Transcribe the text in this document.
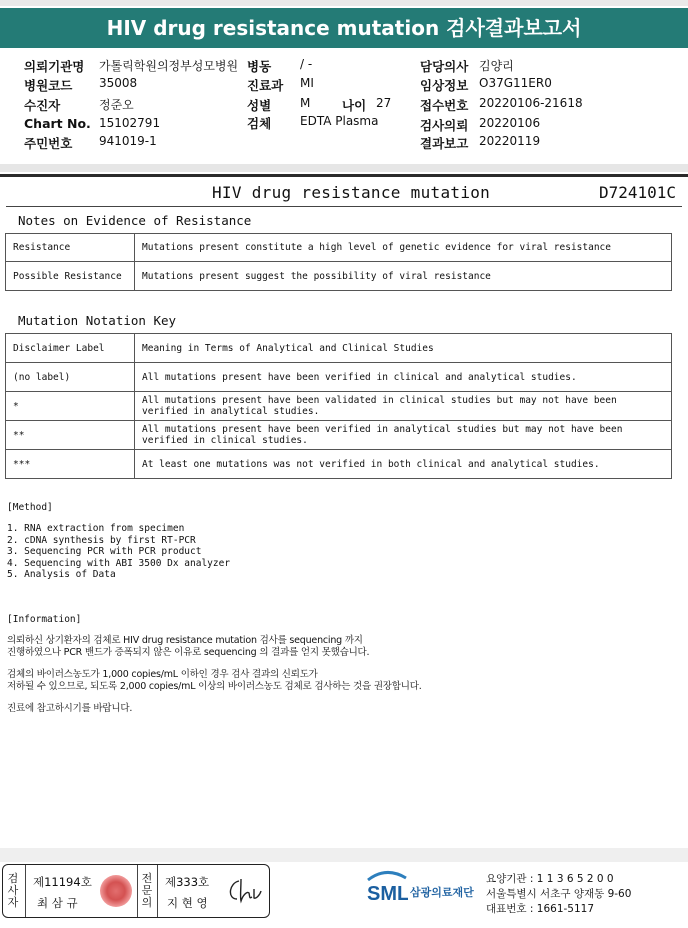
HIV drug resistance mutation 검사결과보고서
의뢰기관명 가톨릭학원의정부성모병원 병동 / -	담당의사 김양리
병원코드 35008	진료과 MI	임상정보 O37G11ER0
수진자	정준오	성별 M	나이 27 접수번호 20220106-21618
Chart No. 15102791	검체 EDTA Plasma	검사의뢰 20220106
주민번호 941019-1	결과보고 20220119
HIV drug resistance mutation	D724101C
Notes on Evidence of Resistance
Resistance	Mutations present constitute a high level of genetic evidence for viral resistance
Possible Resistance	Mutations present suggest the possibility of viral resistance
Mutation Notation Key
Disclaimer Label	Meaning in Terms of Analytical and Clinical Studies
(no label)	All mutations present have been verified in clinical and analytical studies.
*	All mutations present have been validated in clinical studies but may not have been verified in analytical studies.
**	All mutations present have been verified in analytical studies but may not have been verified in clinical studies.
***	At least one mutations was not verified in both clinical and analytical studies.
[Method]
1. RNA extraction from specimen
2. cDNA synthesis by first RT-PCR
3. Sequencing PCR with PCR product
4. Sequencing with ABI 3500 Dx analyzer
5. Analysis of Data
[Information]
의뢰하신 상기환자의 검체로 HIV drug resistance mutation 검사를 sequencing 까지
진행하였으나 PCR 밴드가 증폭되지 않은 이유로 sequencing 의 결과를 얻지 못했습니다.
검체의 바이러스농도가 1,000 copies/mL 이하인 경우 검사 결과의 신뢰도가
저하될 수 있으므로, 되도록 2,000 copies/mL 이상의 바이러스농도 검체로 검사하는 것을 권장합니다.
진료에 참고하시기를 바랍니다.
검사자
제11194호
최 삼 규
전문의
제333호
지 현 영	SML 삼광의료재단
요양기관 : 1 1 3 6 5 2 0 0
서울특별시 서초구 양재동 9-60
대표번호 : 1661-5117
